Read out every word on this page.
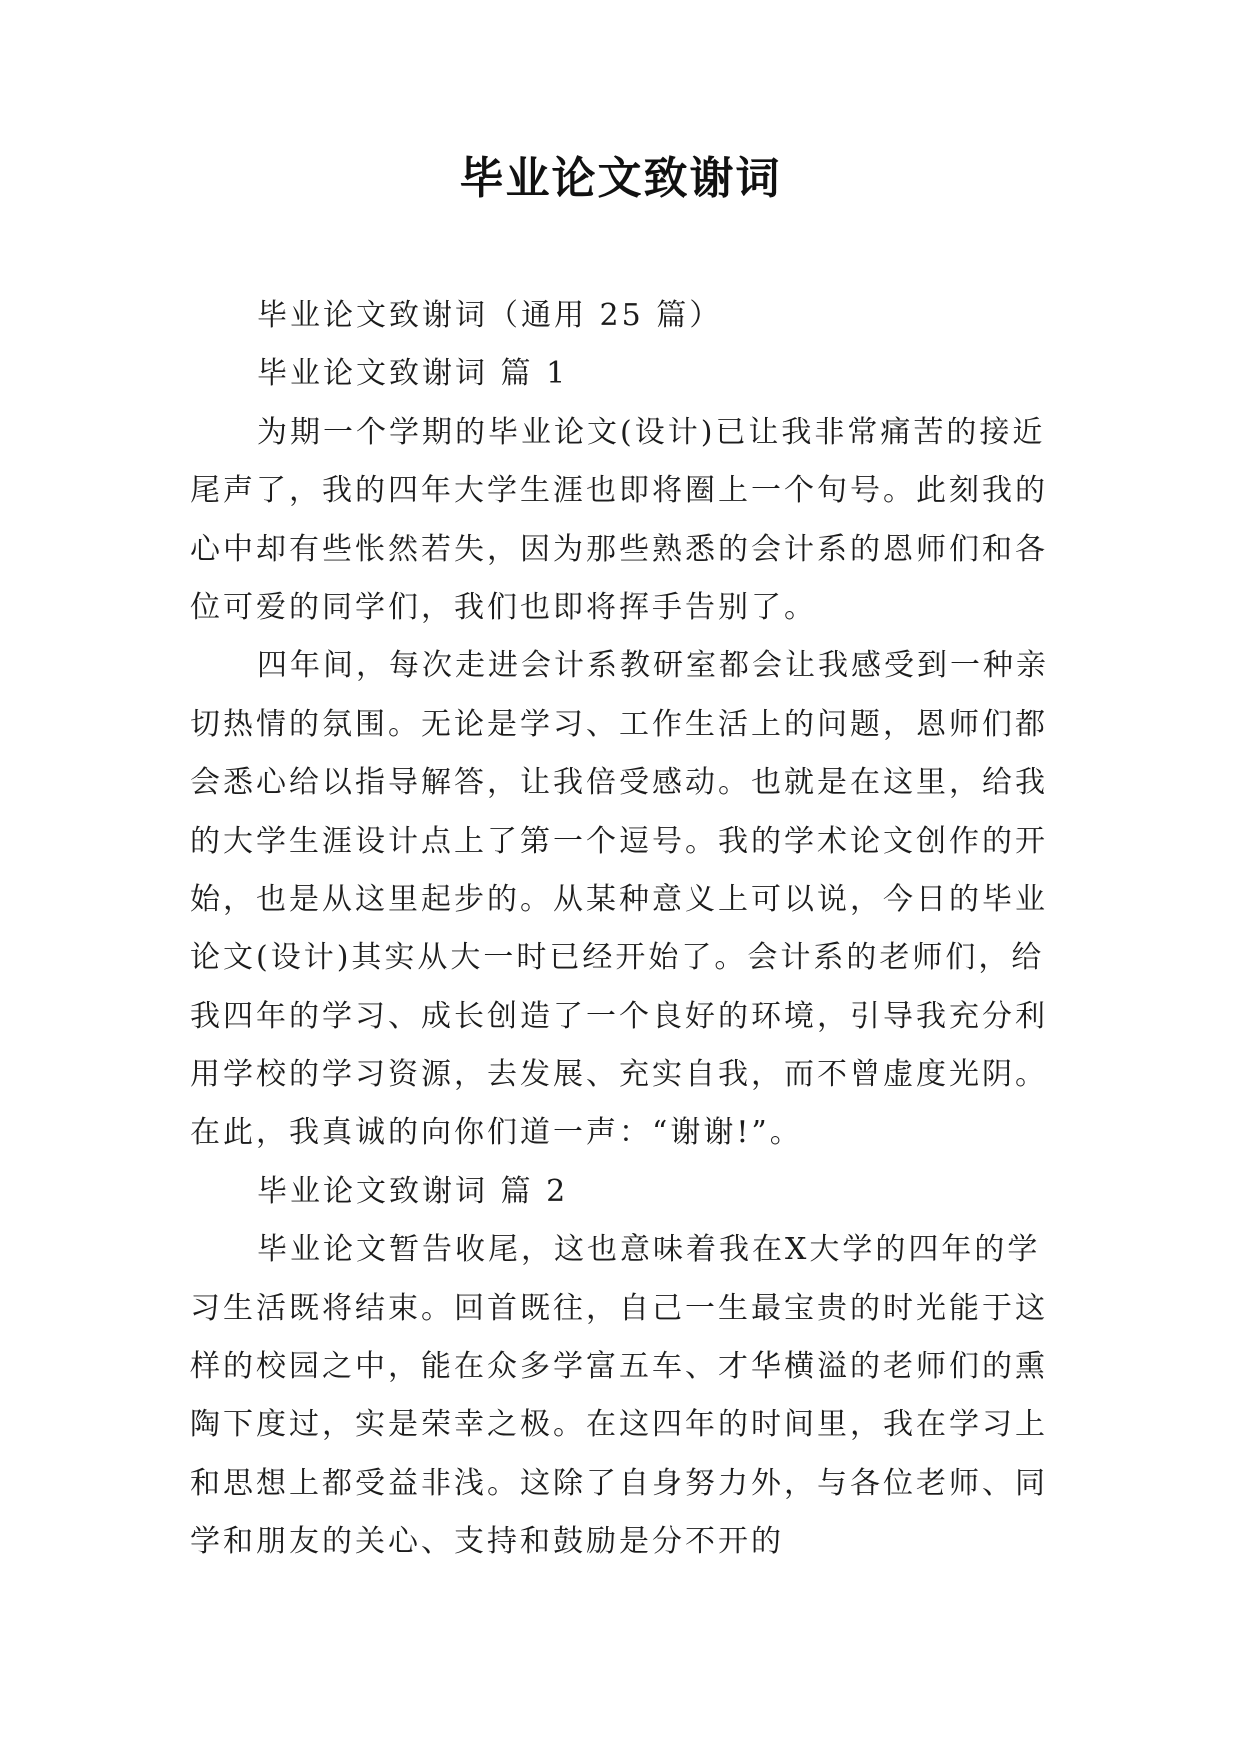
毕业论文致谢词
毕业论文致谢词（通用 25 篇）
毕业论文致谢词 篇 1
为期一个学期的毕业论文(设计)已让我非常痛苦的接近
尾声了，我的四年大学生涯也即将圈上一个句号。此刻我的
心中却有些怅然若失，因为那些熟悉的会计系的恩师们和各
位可爱的同学们，我们也即将挥手告别了。
四年间，每次走进会计系教研室都会让我感受到一种亲
切热情的氛围。无论是学习、工作生活上的问题，恩师们都
会悉心给以指导解答，让我倍受感动。也就是在这里，给我
的大学生涯设计点上了第一个逗号。我的学术论文创作的开
始，也是从这里起步的。从某种意义上可以说，今日的毕业
论文(设计)其实从大一时已经开始了。会计系的老师们，给
我四年的学习、成长创造了一个良好的环境，引导我充分利
用学校的学习资源，去发展、充实自我，而不曾虚度光阴。
在此，我真诚的向你们道一声：“谢谢!”。
毕业论文致谢词 篇 2
毕业论文暂告收尾，这也意味着我在X大学的四年的学
习生活既将结束。回首既往，自己一生最宝贵的时光能于这
样的校园之中，能在众多学富五车、才华横溢的老师们的熏
陶下度过，实是荣幸之极。在这四年的时间里，我在学习上
和思想上都受益非浅。这除了自身努力外，与各位老师、同
学和朋友的关心、支持和鼓励是分不开的
